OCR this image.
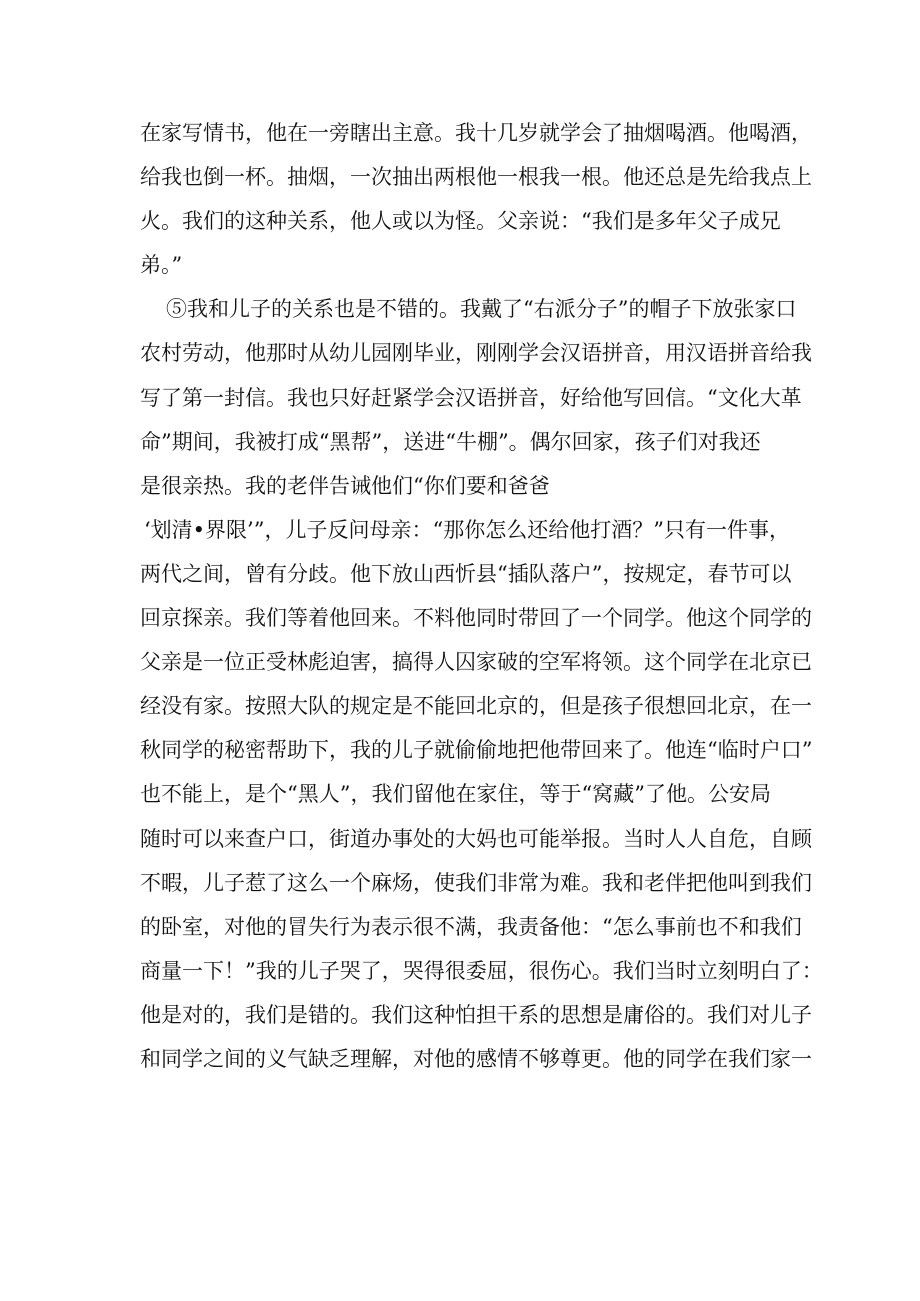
在家写情书，他在一旁瞎出主意。我十几岁就学会了抽烟喝酒。他喝酒，
给我也倒一杯。抽烟，一次抽出两根他一根我一根。他还总是先给我点上
火。我们的这种关系，他人或以为怪。父亲说：“我们是多年父子成兄
弟。”
⑤我和儿子的关系也是不错的。我戴了“右派分子”的帽子下放张家口
农村劳动，他那时从幼儿园刚毕业，刚刚学会汉语拼音，用汉语拼音给我
写了第一封信。我也只好赶紧学会汉语拼音，好给他写回信。“文化大革
命”期间，我被打成“黑帮”，送进“牛棚”。偶尔回家，孩子们对我还
是很亲热。我的老伴告诫他们“你们要和爸爸
‘划清•界限’”，儿子反问母亲：“那你怎么还给他打酒？”只有一件事，
两代之间，曾有分歧。他下放山西忻县“插队落户”，按规定，春节可以
回京探亲。我们等着他回来。不料他同时带回了一个同学。他这个同学的
父亲是一位正受林彪迫害，搞得人囚家破的空军将领。这个同学在北京已
经没有家。按照大队的规定是不能回北京的，但是孩子很想回北京，在一
秋同学的秘密帮助下，我的儿子就偷偷地把他带回来了。他连“临时户口”
也不能上，是个“黑人”，我们留他在家住，等于“窝藏”了他。公安局
随时可以来查户口，街道办事处的大妈也可能举报。当时人人自危，自顾
不暇，儿子惹了这么一个麻炀，使我们非常为难。我和老伴把他叫到我们
的卧室，对他的冒失行为表示很不满，我责备他：“怎么事前也不和我们
商量一下！”我的儿子哭了，哭得很委屈，很伤心。我们当时立刻明白了：
他是对的，我们是错的。我们这种怕担干系的思想是庸俗的。我们对儿子
和同学之间的义气缺乏理解，对他的感情不够尊更。他的同学在我们家一
